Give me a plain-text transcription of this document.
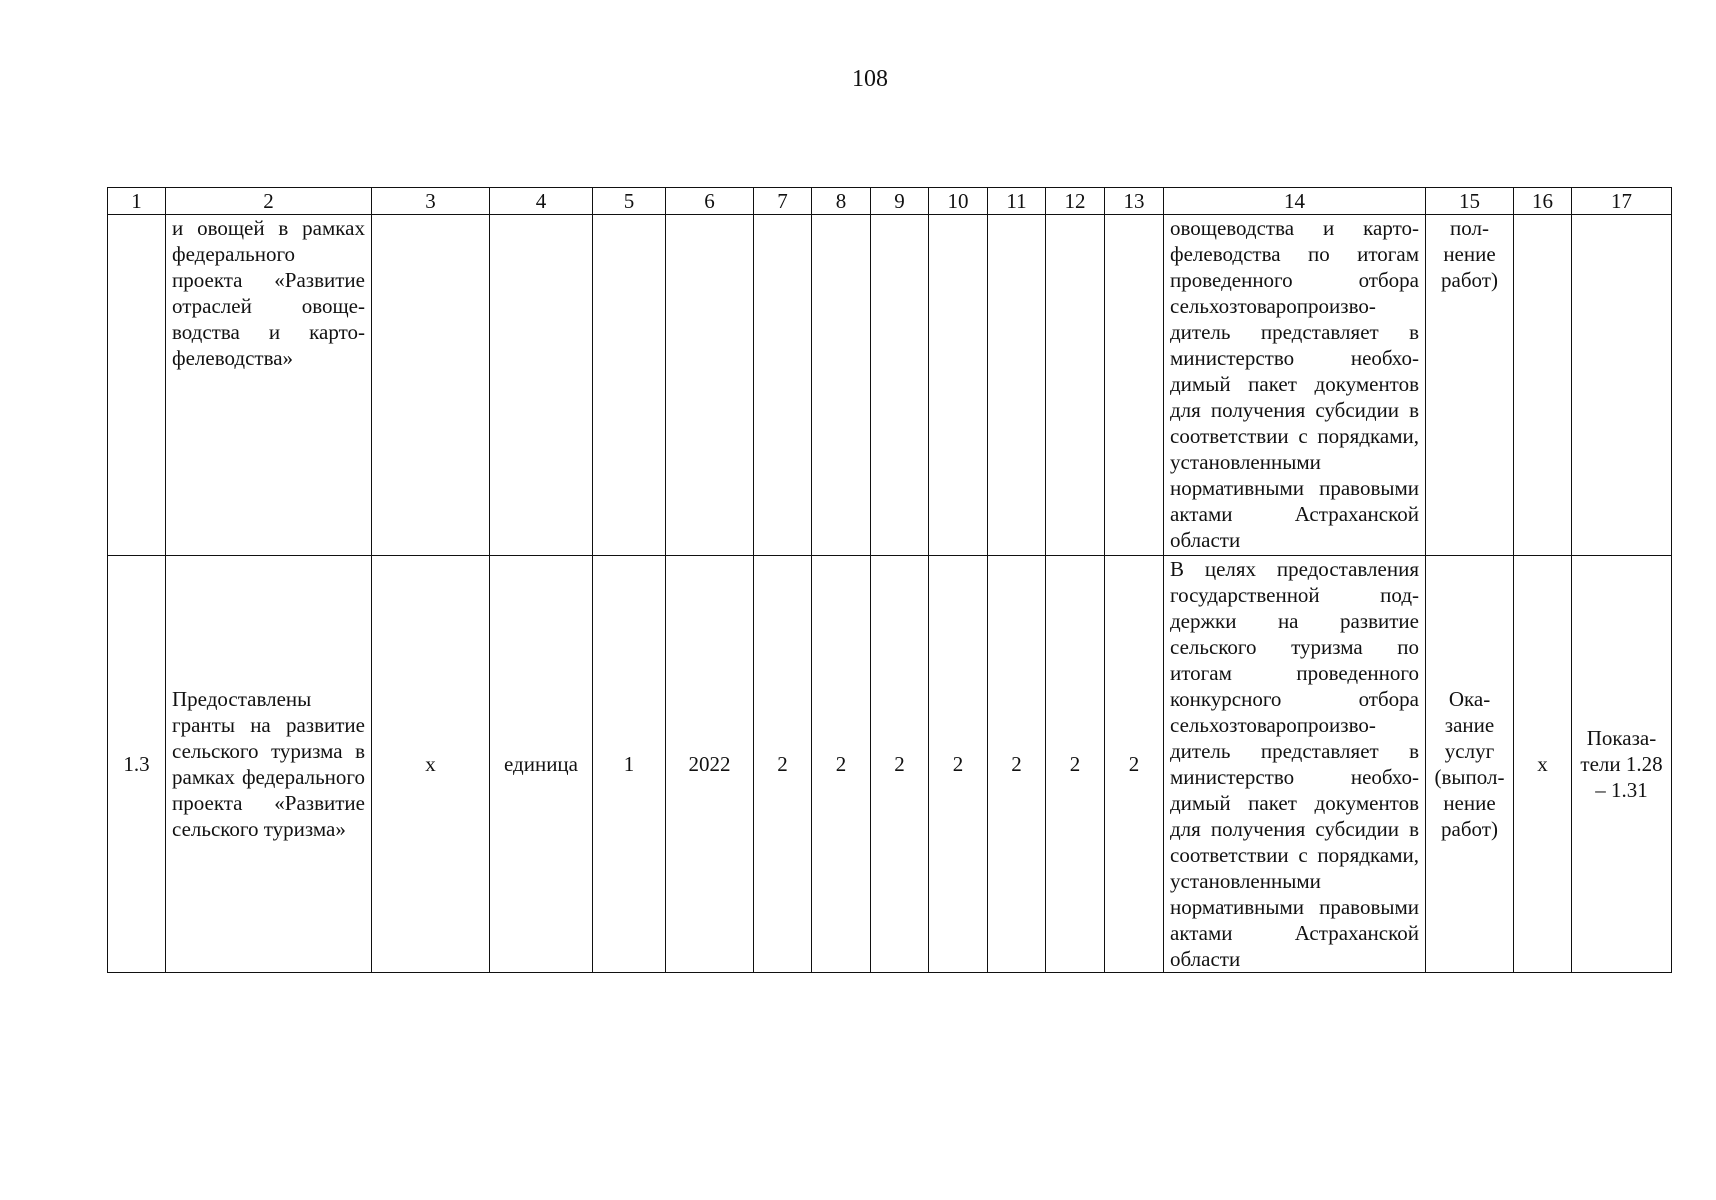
108
1	2	3	4	5	6	7	8	9	10	11	12	13	14	15	16	17
	и овощей в рамках федерального проекта «Развитие отраслей овощеводства и картофелеводства»												овощеводства и картофелеводства по итогам проведенного отбора сельхозтоваропроизводитель представляет в министерство необходимый пакет документов для получения субсидии в соответствии с порядками, установленными нормативными правовыми актами Астраханской области	полнение работ)		
1.3	Предоставлены гранты на развитие сельского туризма в рамках федерального проекта «Развитие сельского туризма»	х	единица	1	2022	2	2	2	2	2	2	2	В целях предоставления государственной поддержки на развитие сельского туризма по итогам проведенного конкурсного отбора сельхозтоваропроизводитель представляет в министерство необходимый пакет документов для получения субсидии в соответствии с порядками, установленными нормативными правовыми актами Астраханской области	Оказание услуг (выполнение работ)	х	Показатели 1.28 – 1.31
